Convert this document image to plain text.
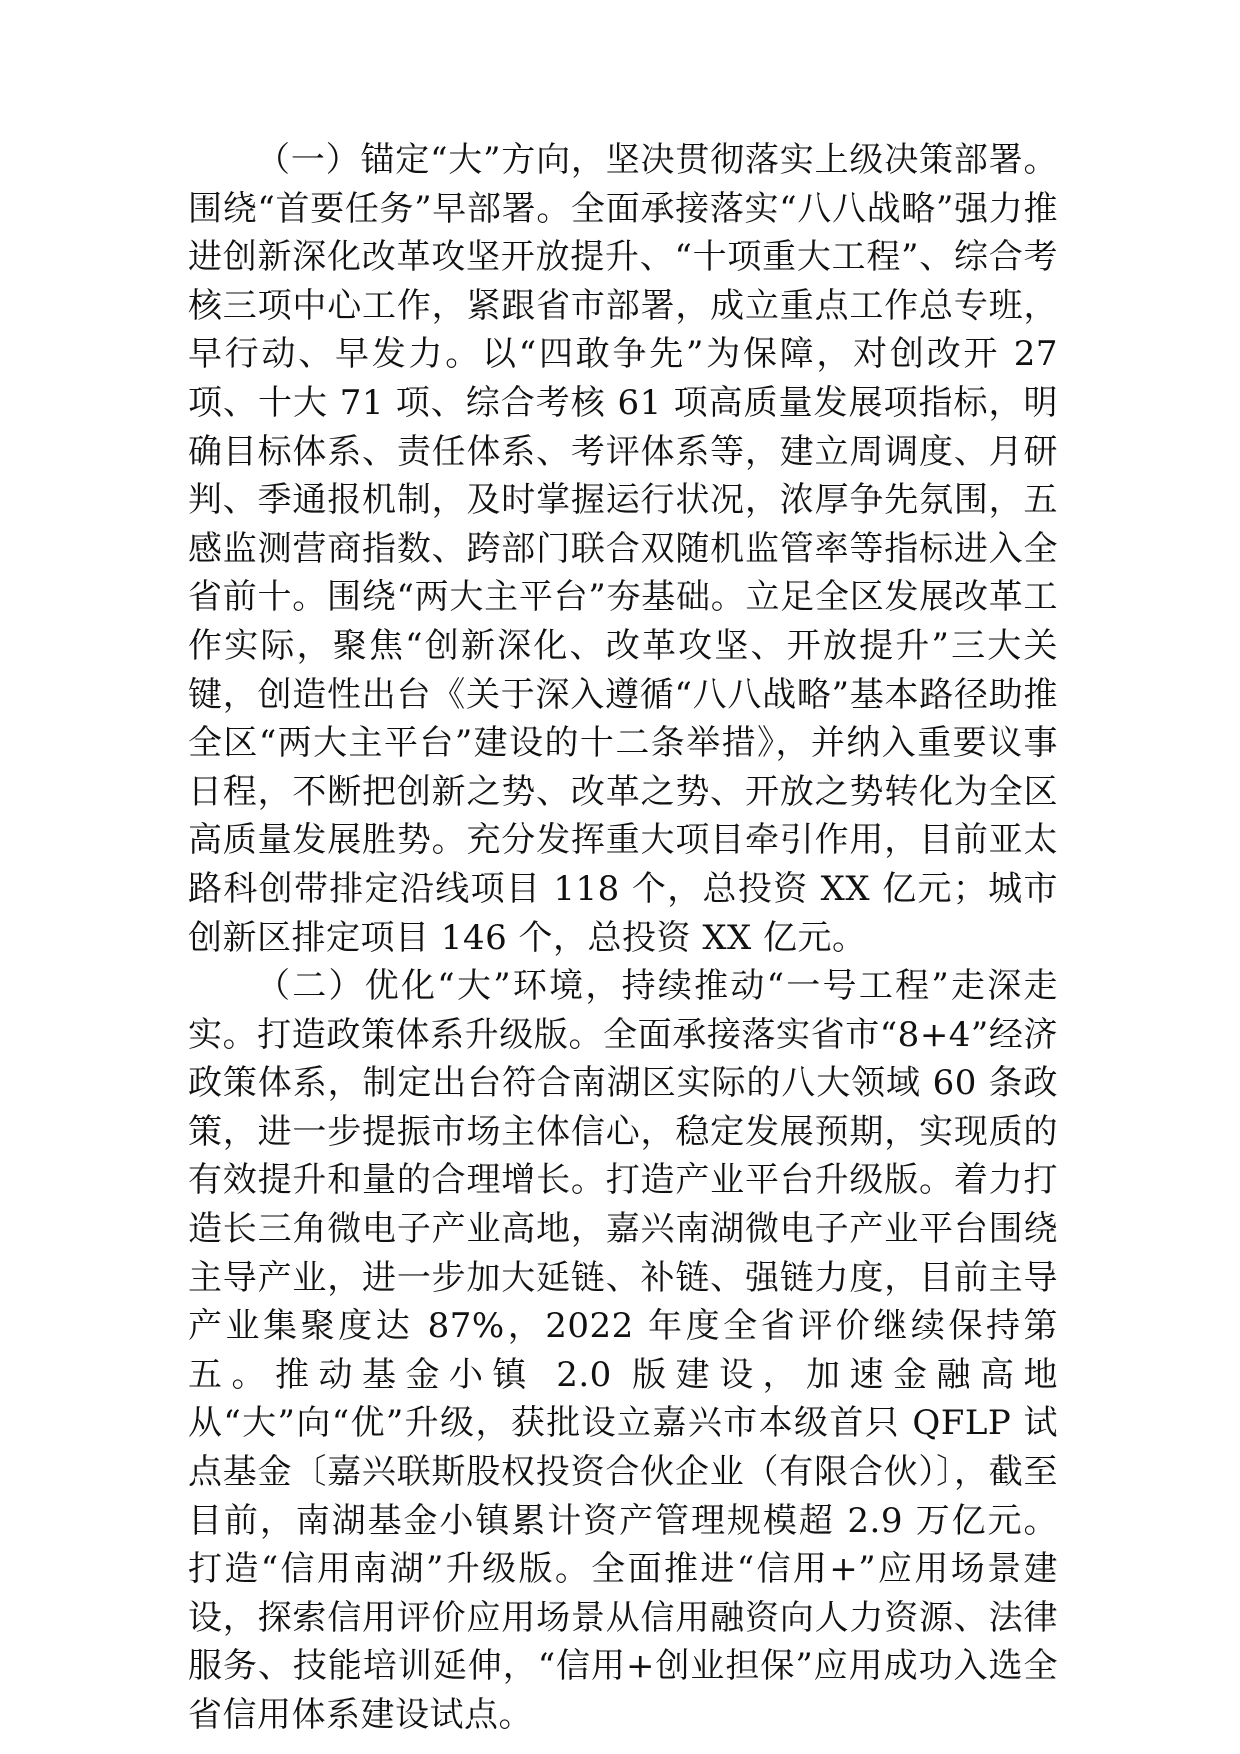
（一）锚定“大”方向，坚决贯彻落实上级决策部署。围绕“首要任务”早部署。全面承接落实“八八战略”强力推进创新深化改革攻坚开放提升、“十项重大工程”、综合考核三项中心工作，紧跟省市部署，成立重点工作总专班，早行动、早发力。以“四敢争先”为保障，对创改开 27 项、十大 71 项、综合考核 61 项高质量发展项指标，明确目标体系、责任体系、考评体系等，建立周调度、月研判、季通报机制，及时掌握运行状况，浓厚争先氛围，五感监测营商指数、跨部门联合双随机监管率等指标进入全省前十。围绕“两大主平台”夯基础。立足全区发展改革工作实际，聚焦“创新深化、改革攻坚、开放提升”三大关键，创造性出台《关于深入遵循“八八战略”基本路径助推全区“两大主平台”建设的十二条举措》，并纳入重要议事日程，不断把创新之势、改革之势、开放之势转化为全区高质量发展胜势。充分发挥重大项目牵引作用，目前亚太路科创带排定沿线项目 118 个，总投资 XX 亿元；城市创新区排定项目 146 个，总投资 XX 亿元。

（二）优化“大”环境，持续推动“一号工程”走深走实。打造政策体系升级版。全面承接落实省市“8+4”经济政策体系，制定出台符合南湖区实际的八大领域 60 条政策，进一步提振市场主体信心，稳定发展预期，实现质的有效提升和量的合理增长。打造产业平台升级版。着力打造长三角微电子产业高地，嘉兴南湖微电子产业平台围绕主导产业，进一步加大延链、补链、强链力度，目前主导产业集聚度达 87%，2022 年度全省评价继续保持第五。推动基金小镇 2.0 版建设，加速金融高地从“大”向“优”升级，获批设立嘉兴市本级首只 QFLP 试点基金〔嘉兴联斯股权投资合伙企业（有限合伙）〕，截至目前，南湖基金小镇累计资产管理规模超 2.9 万亿元。打造“信用南湖”升级版。全面推进“信用+”应用场景建设，探索信用评价应用场景从信用融资向人力资源、法律服务、技能培训延伸，“信用+创业担保”应用成功入选全省信用体系建设试点。
